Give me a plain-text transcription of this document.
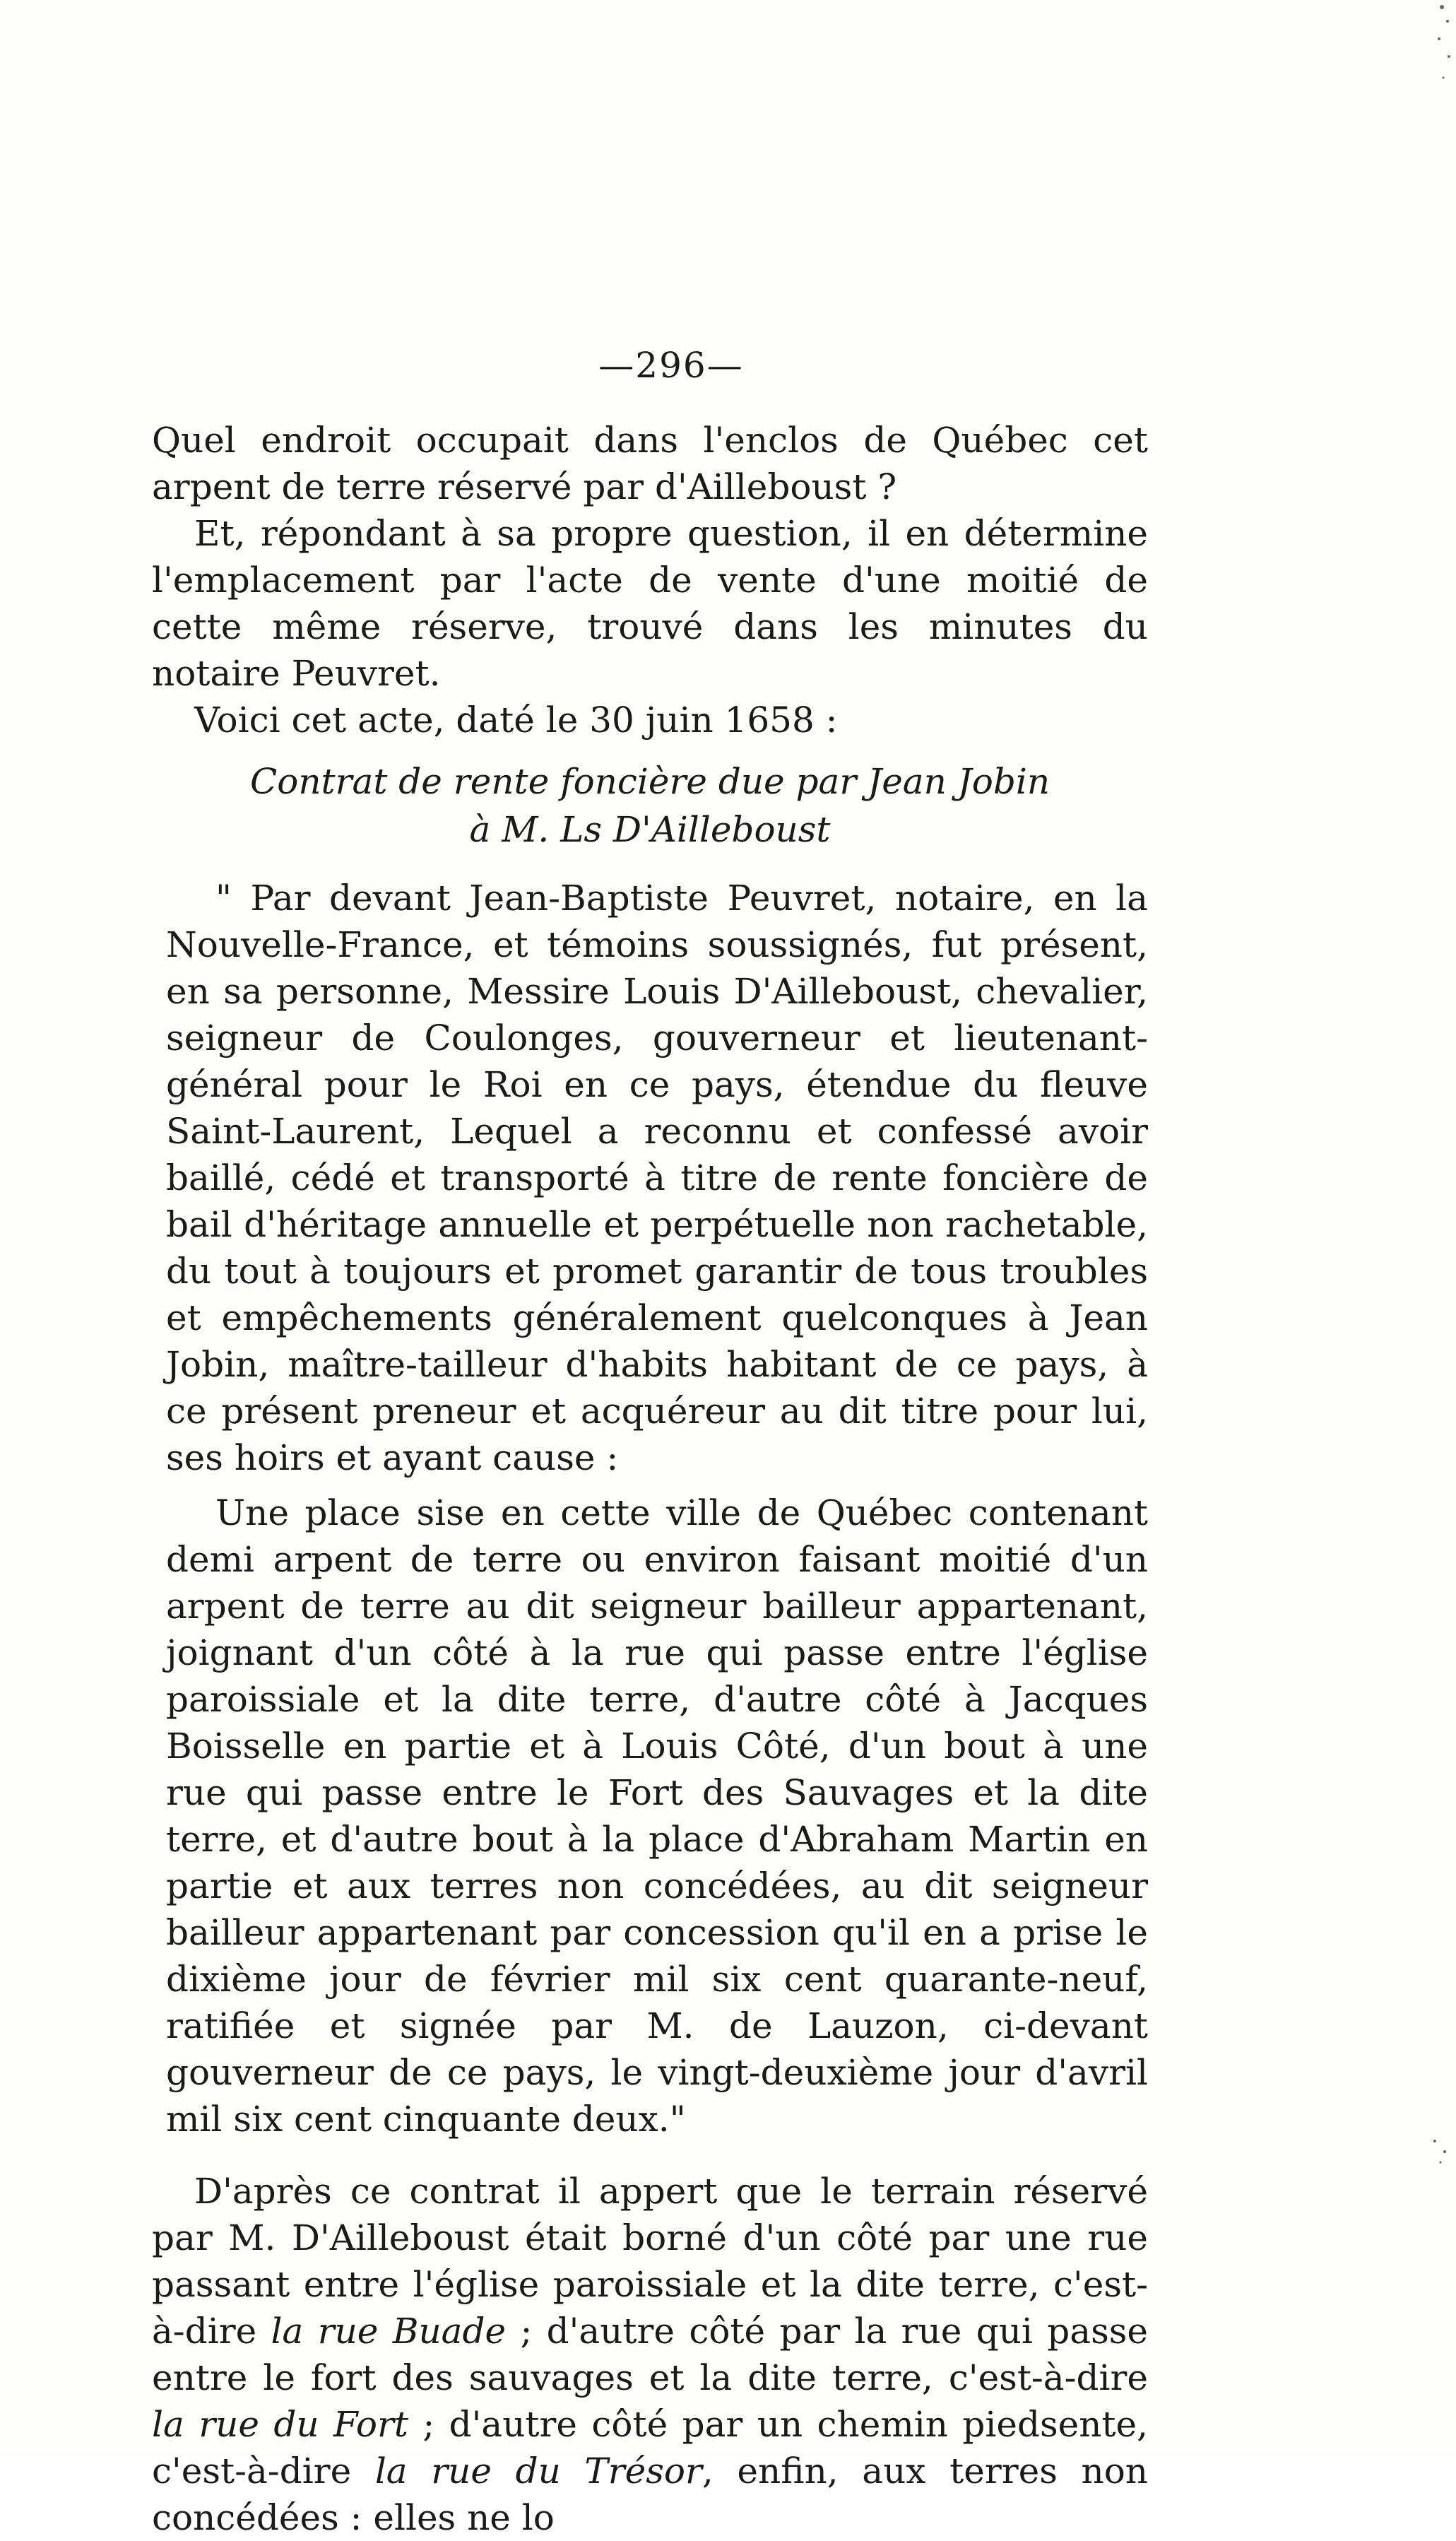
—296—

Quel endroit occupait dans l'enclos de Québec cet arpent de terre réservé par d'Ailleboust ?

Et, répondant à sa propre question, il en détermine l'emplacement par l'acte de vente d'une moitié de cette même réserve, trouvé dans les minutes du notaire Peuvret.

Voici cet acte, daté le 30 juin 1658 :

Contrat de rente foncière due par Jean Jobin
à M. Ls D'Ailleboust

" Par devant Jean-Baptiste Peuvret, notaire, en la Nouvelle-France, et témoins soussignés, fut présent, en sa personne, Messire Louis D'Ailleboust, chevalier, seigneur de Coulonges, gouverneur et lieutenant-général pour le Roi en ce pays, étendue du fleuve Saint-Laurent, Lequel a reconnu et confessé avoir baillé, cédé et transporté à titre de rente foncière de bail d'héritage annuelle et perpétuelle non rachetable, du tout à toujours et promet garantir de tous troubles et empêchements généralement quelconques à Jean Jobin, maître-tailleur d'habits habitant de ce pays, à ce présent preneur et acquéreur au dit titre pour lui, ses hoirs et ayant cause :

Une place sise en cette ville de Québec contenant demi arpent de terre ou environ faisant moitié d'un arpent de terre au dit seigneur bailleur appartenant, joignant d'un côté à la rue qui passe entre l'église paroissiale et la dite terre, d'autre côté à Jacques Boisselle en partie et à Louis Côté, d'un bout à une rue qui passe entre le Fort des Sauvages et la dite terre, et d'autre bout à la place d'Abraham Martin en partie et aux terres non concédées, au dit seigneur bailleur appartenant par concession qu'il en a prise le dixième jour de février mil six cent quarante-neuf, ratifiée et signée par M. de Lauzon, ci-devant gouverneur de ce pays, le vingt-deuxième jour d'avril mil six cent cinquante deux."

D'après ce contrat il appert que le terrain réservé par M. D'Ailleboust était borné d'un côté par une rue passant entre l'église paroissiale et la dite terre, c'est-à-dire la rue Buade ; d'autre côté par la rue qui passe entre le fort des sauvages et la dite terre, c'est-à-dire la rue du Fort ; d'autre côté par un chemin piedsente, c'est-à-dire la rue du Trésor, enfin, aux terres non concédées : elles ne lo
